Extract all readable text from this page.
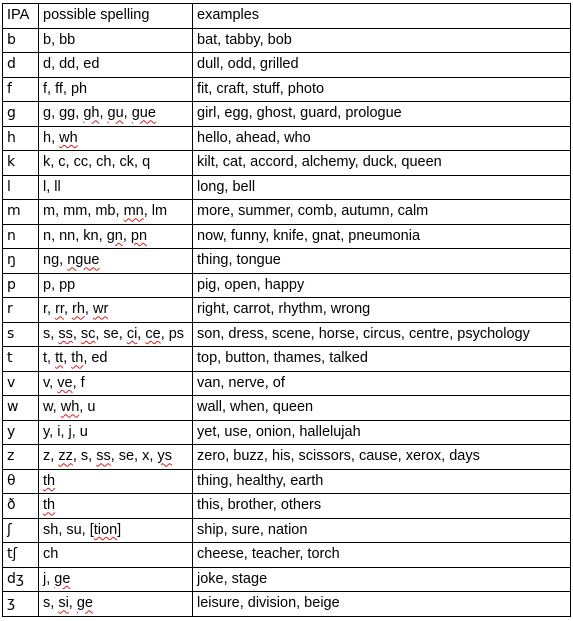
IPA	possible spelling	examples
b	b, bb	bat, tabby, bob
d	d, dd, ed	dull, odd, grilled
f	f, ff, ph	fit, craft, stuff, photo
g	g, gg, gh, gu, gue	girl, egg, ghost, guard, prologue
h	h, wh	hello, ahead, who
k	k, c, cc, ch, ck, q	kilt, cat, accord, alchemy, duck, queen
l	l, ll	long, bell
m	m, mm, mb, mn, lm	more, summer, comb, autumn, calm
n	n, nn, kn, gn, pn	now, funny, knife, gnat, pneumonia
ŋ	ng, ngue	thing, tongue
p	p, pp	pig, open, happy
r	r, rr, rh, wr	right, carrot, rhythm, wrong
s	s, ss, sc, se, ci, ce, ps	son, dress, scene, horse, circus, centre, psychology
t	t, tt, th, ed	top, button, thames, talked
v	v, ve, f	van, nerve, of
w	w, wh, u	wall, when, queen
y	y, i, j, u	yet, use, onion, hallelujah
z	z, zz, s, ss, se, x, ys	zero, buzz, his, scissors, cause, xerox, days
θ	th	thing, healthy, earth
ð	th	this, brother, others
ʃ	sh, su, [tion]	ship, sure, nation
tʃ	ch	cheese, teacher, torch
dʒ	j, ge	joke, stage
ʒ	s, si, ge	leisure, division, beige
